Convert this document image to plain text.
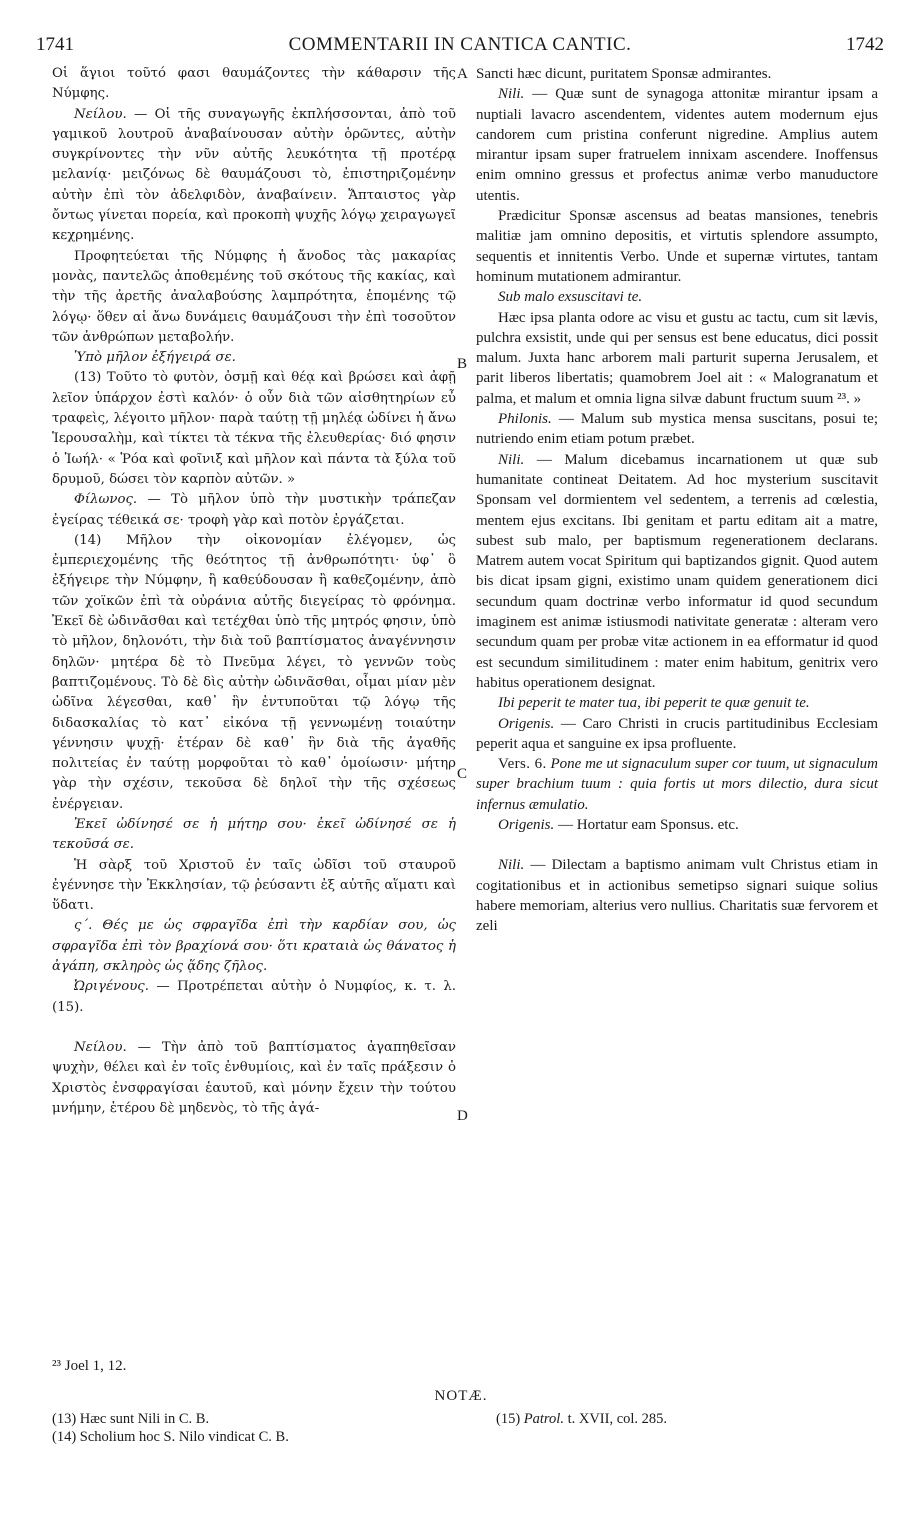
1741	COMMENTARII IN CANTICA CANTIC.	1742

Οἱ ἅγιοι τοῦτό φασι θαυμάζοντες τὴν κάθαρσιν τῆς Νύμφης.

Νείλου. — Οἱ τῆς συναγωγῆς ἐκπλήσσονται, ἀπὸ τοῦ γαμικοῦ λουτροῦ ἀναβαίνουσαν αὐτὴν ὁρῶντες, αὐτὴν συγκρίνοντες τὴν νῦν αὐτῆς λευκότητα τῇ προτέρᾳ μελανίᾳ· μειζόνως δὲ θαυμάζουσι τὸ, ἐπιστηριζομένην αὐτὴν ἐπὶ τὸν ἀδελφιδὸν, ἀναβαίνειν. Ἄπταιστος γὰρ ὄντως γίνεται πορεία, καὶ προκοπὴ ψυχῆς λόγῳ χειραγωγεῖ κεχρημένης.

Προφητεύεται τῆς Νύμφης ἡ ἄνοδος τὰς μακαρίας μονὰς, παντελῶς ἀποθεμένης τοῦ σκότους τῆς κακίας, καὶ τὴν τῆς ἀρετῆς ἀναλαβούσης λαμπρότητα, ἑπομένης τῷ λόγῳ· ὅθεν αἱ ἄνω δυνάμεις θαυμάζουσι τὴν ἐπὶ τοσοῦτον τῶν ἀνθρώπων μεταβολήν.

Ὑπὸ μῆλον ἐξήγειρά σε.

(13) Τοῦτο τὸ φυτὸν, ὀσμῇ καὶ θέᾳ καὶ βρώσει καὶ ἀφῇ λεῖον ὑπάρχον ἐστὶ καλόν· ὁ οὖν διὰ τῶν αἰσθητηρίων εὖ τραφεὶς, λέγοιτο μῆλον· παρὰ ταύτῃ τῇ μηλέᾳ ὠδίνει ἡ ἄνω Ἱερουσαλὴμ, καὶ τίκτει τὰ τέκνα τῆς ἐλευθερίας· διό φησιν ὁ Ἰωήλ· « Ῥόα καὶ φοῖνιξ καὶ μῆλον καὶ πάντα τὰ ξύλα τοῦ δρυμοῦ, δώσει τὸν καρπὸν αὐτῶν. »

Φίλωνος. — Τὸ μῆλον ὑπὸ τὴν μυστικὴν τράπεζαν ἐγείρας τέθεικά σε· τροφὴ γὰρ καὶ ποτὸν ἐργάζεται.

(14) Μῆλον τὴν οἰκονομίαν ἐλέγομεν, ὡς ἐμπεριεχομένης τῆς θεότητος τῇ ἀνθρωπότητι· ὑφ᾽ ὃ ἐξήγειρε τὴν Νύμφην, ἢ καθεύδουσαν ἢ καθεζομένην, ἀπὸ τῶν χοϊκῶν ἐπὶ τὰ οὐράνια αὐτῆς διεγείρας τὸ φρόνημα. Ἐκεῖ δὲ ὠδινᾶσθαι καὶ τετέχθαι ὑπὸ τῆς μητρός φησιν, ὑπὸ τὸ μῆλον, δηλονότι, τὴν διὰ τοῦ βαπτίσματος ἀναγέννησιν δηλῶν· μητέρα δὲ τὸ Πνεῦμα λέγει, τὸ γεννῶν τοὺς βαπτιζομένους. Τὸ δὲ δὶς αὐτὴν ὠδινᾶσθαι, οἶμαι μίαν μὲν ὠδῖνα λέγεσθαι, καθ᾽ ἣν ἐντυποῦται τῷ λόγῳ τῆς διδασκαλίας τὸ κατ᾽ εἰκόνα τῇ γεννωμένῃ τοιαύτην γέννησιν ψυχῇ· ἑτέραν δὲ καθ᾽ ἣν διὰ τῆς ἀγαθῆς πολιτείας ἐν ταύτῃ μορφοῦται τὸ καθ᾽ ὁμοίωσιν· μήτηρ γὰρ τὴν σχέσιν, τεκοῦσα δὲ δηλοῖ τὴν τῆς σχέσεως ἐνέργειαν.

Ἐκεῖ ὠδίνησέ σε ἡ μήτηρ σου· ἐκεῖ ὠδίνησέ σε ἡ τεκοῦσά σε.

Ἡ σὰρξ τοῦ Χριστοῦ ἐν ταῖς ὠδῖσι τοῦ σταυροῦ ἐγέννησε τὴν Ἐκκλησίαν, τῷ ῥεύσαντι ἐξ αὐτῆς αἵματι καὶ ὕδατι.

ς΄. Θές με ὡς σφραγῖδα ἐπὶ τὴν καρδίαν σου, ὡς σφραγῖδα ἐπὶ τὸν βραχίονά σου· ὅτι κραταιὰ ὡς θάνατος ἡ ἀγάπη, σκληρὸς ὡς ᾅδης ζῆλος.

Ὠριγένους. — Προτρέπεται αὐτὴν ὁ Νυμφίος, κ. τ. λ. (15).

Νείλου. — Τὴν ἀπὸ τοῦ βαπτίσματος ἀγαπηθεῖσαν ψυχὴν, θέλει καὶ ἐν τοῖς ἐνθυμίοις, καὶ ἐν ταῖς πράξεσιν ὁ Χριστὸς ἐνσφραγίσαι ἑαυτοῦ, καὶ μόνην ἔχειν τὴν τούτου μνήμην, ἑτέρου δὲ μηδενὸς, τὸ τῆς ἀγά-

A
B
C
D

Sancti hæc dicunt, puritatem Sponsæ admirantes.

Nili. — Quæ sunt de synagoga attonitæ mirantur ipsam a nuptiali lavacro ascendentem, videntes autem modernum ejus candorem cum pristina conferunt nigredine. Amplius autem mirantur ipsam super fratruelem innixam ascendere. Inoffensus enim omnino gressus et profectus animæ verbo manuductore utentis.

Prædicitur Sponsæ ascensus ad beatas mansiones, tenebris malitiæ jam omnino depositis, et virtutis splendore assumpto, sequentis et innitentis Verbo. Unde et supernæ virtutes, tantam hominum mutationem admirantur.

Sub malo exsuscitavi te.

Hæc ipsa planta odore ac visu et gustu ac tactu, cum sit lævis, pulchra exsistit, unde qui per sensus est bene educatus, dici possit malum. Juxta hanc arborem mali parturit superna Jerusalem, et parit liberos libertatis; quamobrem Joel ait : « Malogranatum et palma, et malum et omnia ligna silvæ dabunt fructum suum ²³. »

Philonis. — Malum sub mystica mensa suscitans, posui te; nutriendo enim etiam potum præbet.

Nili. — Malum dicebamus incarnationem ut quæ sub humanitate contineat Deitatem. Ad hoc mysterium suscitavit Sponsam vel dormientem vel sedentem, a terrenis ad cœlestia, mentem ejus excitans. Ibi genitam et partu editam ait a matre, subest sub malo, per baptismum regenerationem declarans. Matrem autem vocat Spiritum qui baptizandos gignit. Quod autem bis dicat ipsam gigni, existimo unam quidem generationem dici secundum quam doctrinæ verbo informatur id quod secundum imaginem est animæ istiusmodi nativitate generatæ : alteram vero secundum quam per probæ vitæ actionem in ea efformatur id quod est secundum similitudinem : mater enim habitum, genitrix vero habitus operationem designat.

Ibi peperit te mater tua, ibi peperit te quæ genuit te.

Origenis. — Caro Christi in crucis partitudinibus Ecclesiam peperit aqua et sanguine ex ipsa profluente.

Vers. 6. Pone me ut signaculum super cor tuum, ut signaculum super brachium tuum : quia fortis ut mors dilectio, dura sicut infernus æmulatio.

Origenis. — Hortatur eam Sponsus. etc.

Nili. — Dilectam a baptismo animam vult Christus etiam in cogitationibus et in actionibus semetipso signari suique solius habere memoriam, alterius vero nullius. Charitatis suæ fervorem et zeli

²³ Joel 1, 12.
NOTÆ.

(13) Hæc sunt Nili in C. B.

(14) Scholium hoc S. Nilo vindicat C. B.

(15) Patrol. t. XVII, col. 285.
